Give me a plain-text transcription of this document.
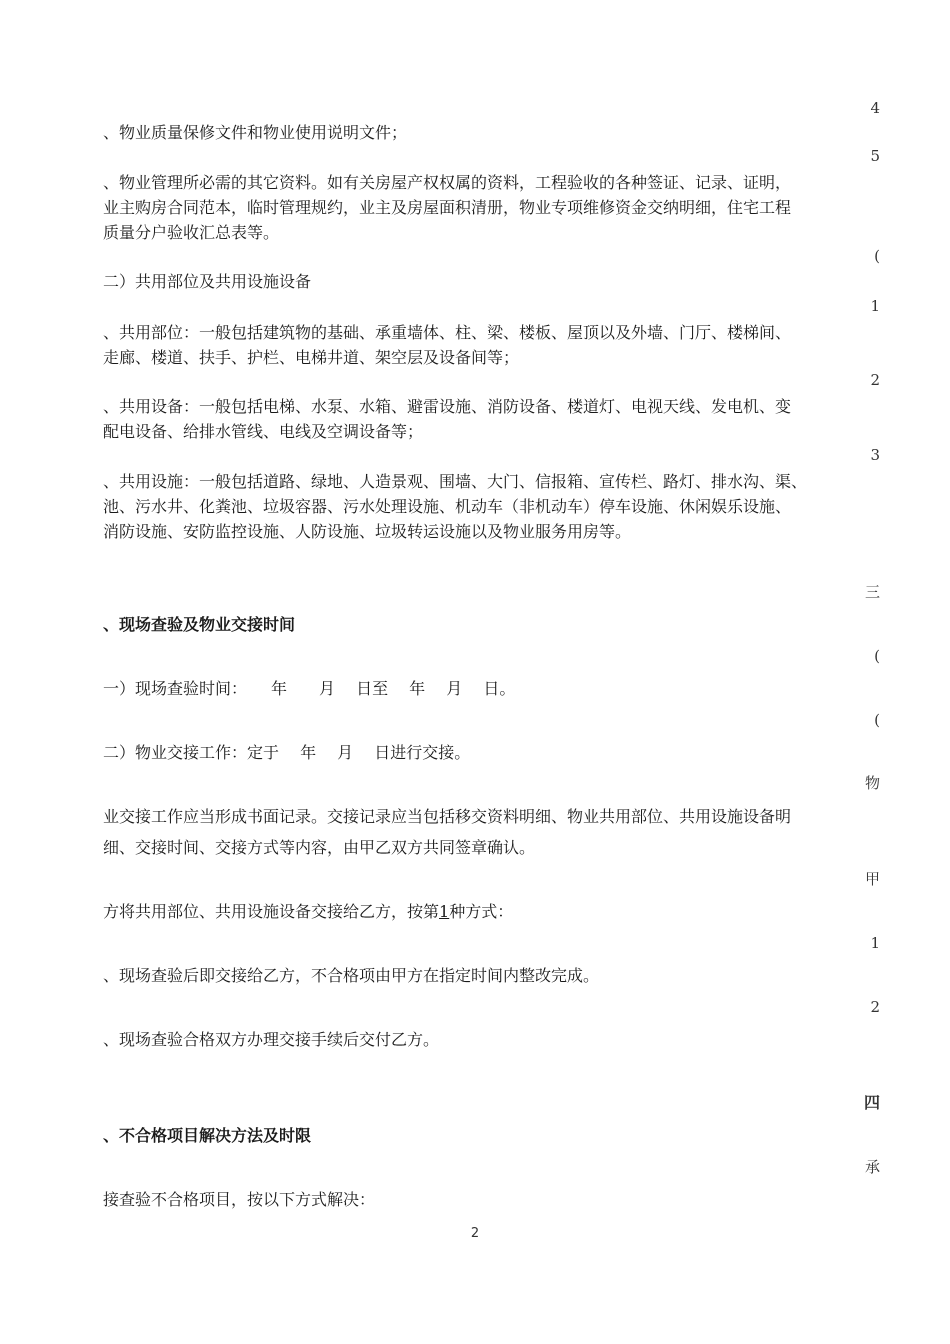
4
5
(
1
2
3
三
(
(
物
甲
1
2
四
承
、物业质量保修文件和物业使用说明文件；
、物业管理所必需的其它资料。如有关房屋产权权属的资料，工程验收的各种签证、记录、证明，
业主购房合同范本，临时管理规约，业主及房屋面积清册，物业专项维修资金交纳明细，住宅工程
质量分户验收汇总表等。
二）共用部位及共用设施设备
、共用部位：一般包括建筑物的基础、承重墙体、柱、梁、楼板、屋顶以及外墙、门厅、楼梯间、
走廊、楼道、扶手、护栏、电梯井道、架空层及设备间等；
、共用设备：一般包括电梯、水泵、水箱、避雷设施、消防设备、楼道灯、电视天线、发电机、变
配电设备、给排水管线、电线及空调设备等；
、共用设施：一般包括道路、绿地、人造景观、围墙、大门、信报箱、宣传栏、路灯、排水沟、渠、
池、污水井、化粪池、垃圾容器、污水处理设施、机动车（非机动车）停车设施、休闲娱乐设施、
消防设施、安防监控设施、人防设施、垃圾转运设施以及物业服务用房等。
、现场查验及物业交接时间
一）现场查验时间：　　年　　月　 日至　 年　 月　 日。
二）物业交接工作：定于　 年　 月　 日进行交接。
业交接工作应当形成书面记录。交接记录应当包括移交资料明细、物业共用部位、共用设施设备明
细、交接时间、交接方式等内容，由甲乙双方共同签章确认。
方将共用部位、共用设施设备交接给乙方，按第1种方式：
、现场查验后即交接给乙方，不合格项由甲方在指定时间内整改完成。
、现场查验合格双方办理交接手续后交付乙方。
、不合格项目解决方法及时限
接查验不合格项目，按以下方式解决：
2
